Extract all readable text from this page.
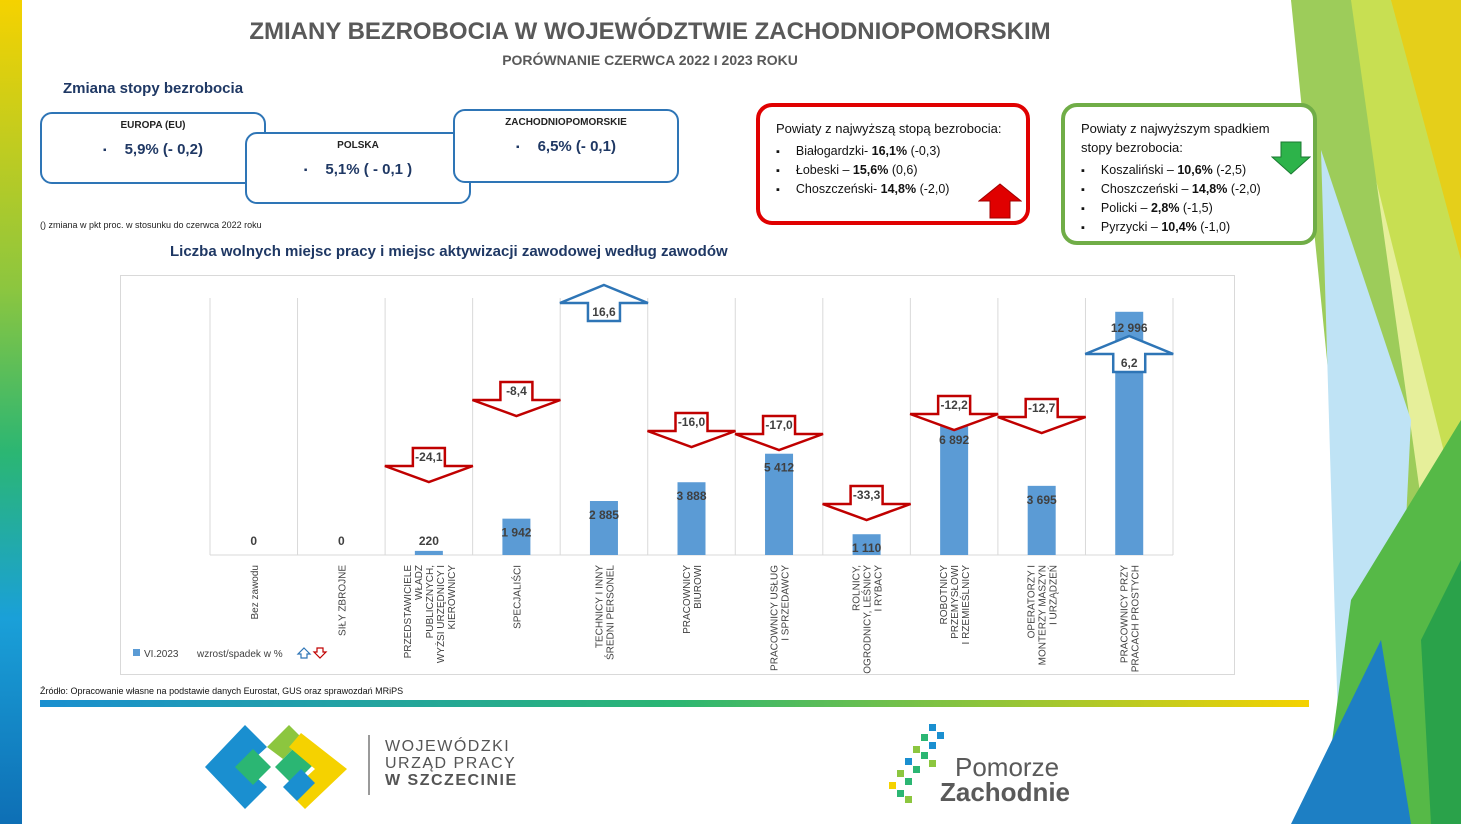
ZMIANY BEZROBOCIA W WOJEWÓDZTWIE ZACHODNIOPOMORSKIM
PORÓWNANIE CZERWCA 2022 I 2023 ROKU
Zmiana stopy bezrobocia
EUROPA (EU)
▪ 5,9% (- 0,2)	POLSKA
▪ 5,1% ( - 0,1 )
ZACHODNIOPOMORSKIE
▪ 6,5% (- 0,1)
() zmiana w pkt proc. w stosunku do czerwca 2022 roku
Powiaty z najwyższą stopą bezrobocia:
▪ Białogardzki- 16,1% (-0,3)
▪ Łobeski – 15,6% (0,6)
▪ Choszczeński- 14,8% (-2,0)
Powiaty z najwyższym spadkiem stopy bezrobocia:
▪ Koszaliński – 10,6% (-2,5)
▪ Choszczeński – 14,8% (-2,0)
▪ Policki – 2,8% (-1,5)
▪ Pyrzycki – 10,4% (-1,0)
Liczba wolnych miejsc pracy i miejsc aktywizacji zawodowej według zawodów
0	0	220
1 942
2 885
3 888
5 412
1 110
6 892
3 695
12 996
-24,1
-8,4
16,6
-16,0	-17,0
-33,3
-12,2	-12,7
6,2
Bez zawodu	SIŁY ZBROJNE	PRZEDSTAWICIELE WŁADZ PUBLICZNYCH, WYŻSI URZĘDNICY I KIEROWNICY	SPECJALIŚCI	TECHNICY I INNY ŚREDNI PERSONEL	PRACOWNICY BIUROWI	PRACOWNICY USŁUG I SPRZEDAWCY	ROLNICY, OGRODNICY, LEŚNICY I RYBACY	ROBOTNICY PRZEMYSŁOWI I RZEMIEŚLNICY	OPERATORZY I MONTERZY MASZYN I URZĄDZEŃ	PRACOWNICY PRZY PRACACH PROSTYCH
VI.2023 wzrost/spadek w %
Źródło: Opracowanie własne na podstawie danych Eurostat, GUS oraz sprawozdań MRiPS
WOJEWÓDZKI
URZĄD PRACY
W SZCZECINIE	Pomorze
Zachodnie
